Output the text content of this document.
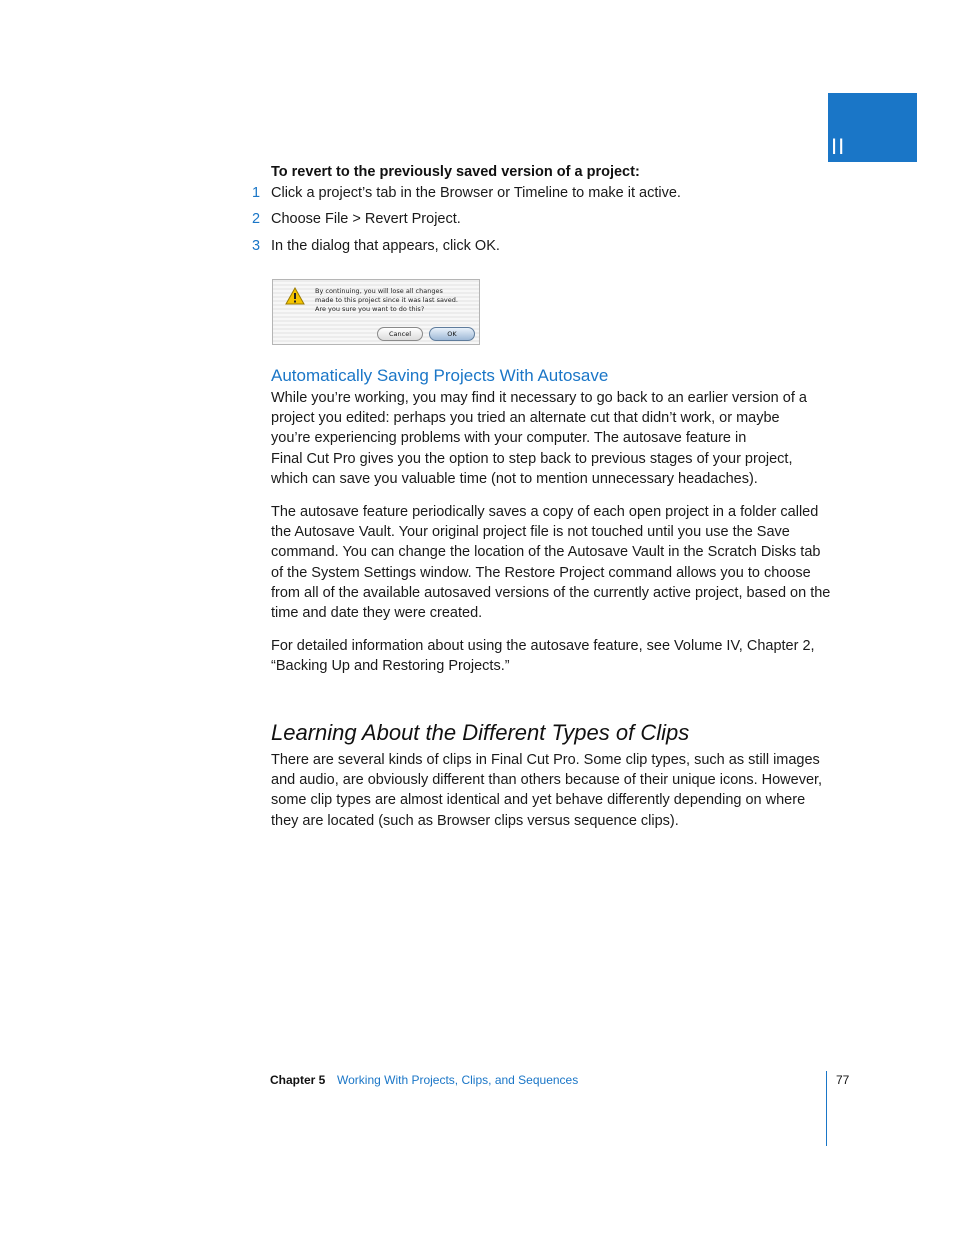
II
To revert to the previously saved version of a project:
1 Click a project’s tab in the Browser or Timeline to make it active.
2 Choose File > Revert Project.
3 In the dialog that appears, click OK.
By continuing, you will lose all changes
made to this project since it was last saved.
Are you sure you want to do this?
Cancel	OK
Automatically Saving Projects With Autosave
While you’re working, you may find it necessary to go back to an earlier version of a
project you edited: perhaps you tried an alternate cut that didn’t work, or maybe
you’re experiencing problems with your computer. The autosave feature in
Final Cut Pro gives you the option to step back to previous stages of your project,
which can save you valuable time (not to mention unnecessary headaches).
The autosave feature periodically saves a copy of each open project in a folder called
the Autosave Vault. Your original project file is not touched until you use the Save
command. You can change the location of the Autosave Vault in the Scratch Disks tab
of the System Settings window. The Restore Project command allows you to choose
from all of the available autosaved versions of the currently active project, based on the
time and date they were created.
For detailed information about using the autosave feature, see Volume IV, Chapter 2,
“Backing Up and Restoring Projects.”
Learning About the Different Types of Clips
There are several kinds of clips in Final Cut Pro. Some clip types, such as still images
and audio, are obviously different than others because of their unique icons. However,
some clip types are almost identical and yet behave differently depending on where
they are located (such as Browser clips versus sequence clips).
Chapter 5 Working With Projects, Clips, and Sequences	77
